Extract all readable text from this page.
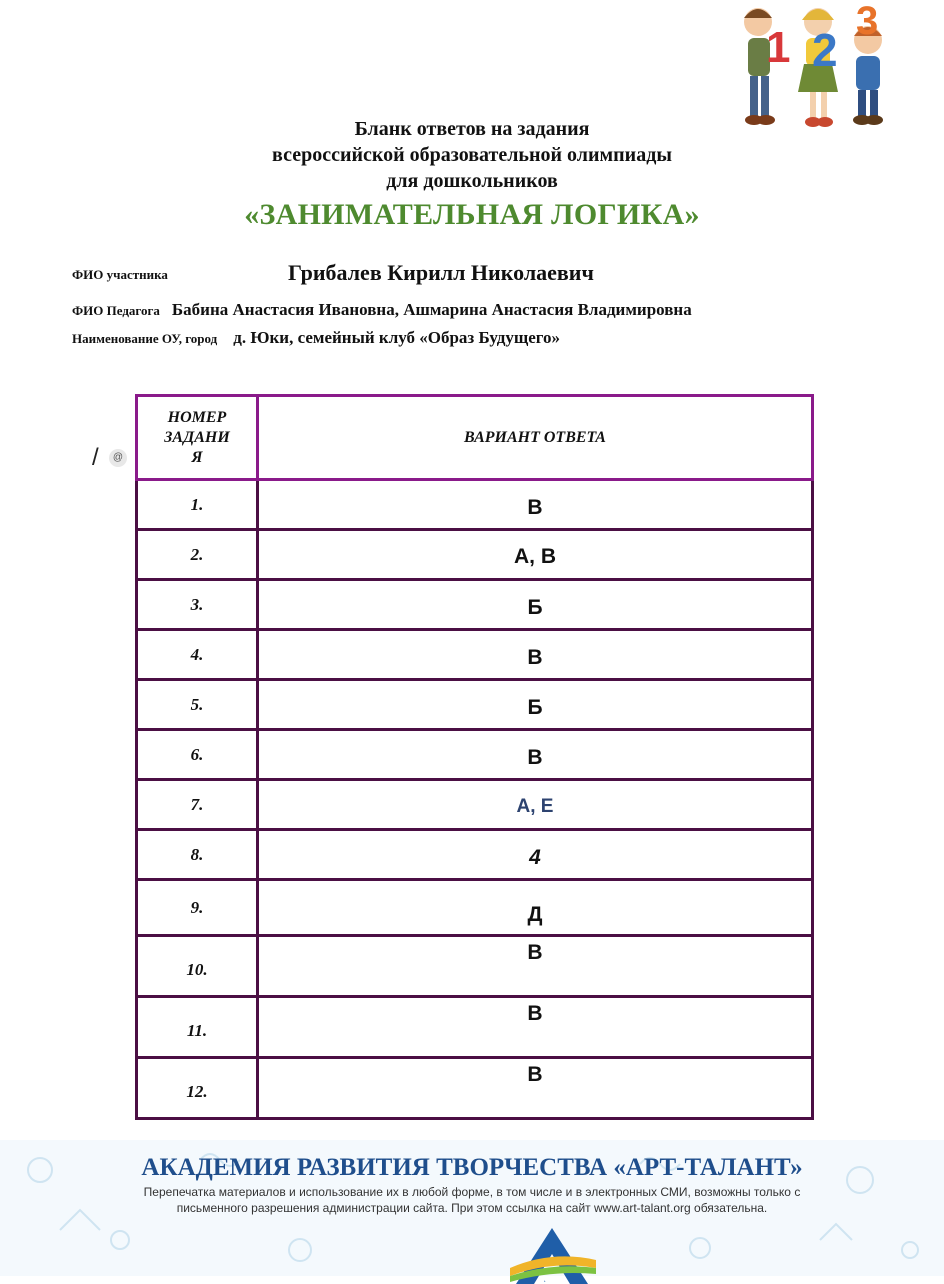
1 2
3
Бланк ответов на задания
всероссийской образовательной олимпиады
для дошкольников
«ЗАНИМАТЕЛЬНАЯ ЛОГИКА»
ФИО участника	Грибалев Кирилл Николаевич
ФИО Педагога Бабина Анастасия Ивановна, Ашмарина Анастасия Владимировна
Наименование ОУ, город д. Юки, семейный клуб «Образ Будущего»
/	@
НОМЕР
ЗАДАНИ
Я	ВАРИАНТ ОТВЕТА
1.	В
2.	А, В
3.	Б
4.	В
5.	Б
6.	В
7.	А, Е
8.	4
9.	Д
10.	В
11.	В
12.	В
АКАДЕМИЯ РАЗВИТИЯ ТВОРЧЕСТВА «АРТ-ТАЛАНТ»
Перепечатка материалов и использование их в любой форме, в том числе и в электронных СМИ, возможны только с
письменного разрешения администрации сайта. При этом ссылка на сайт www.art-talant.org обязательна.
А
